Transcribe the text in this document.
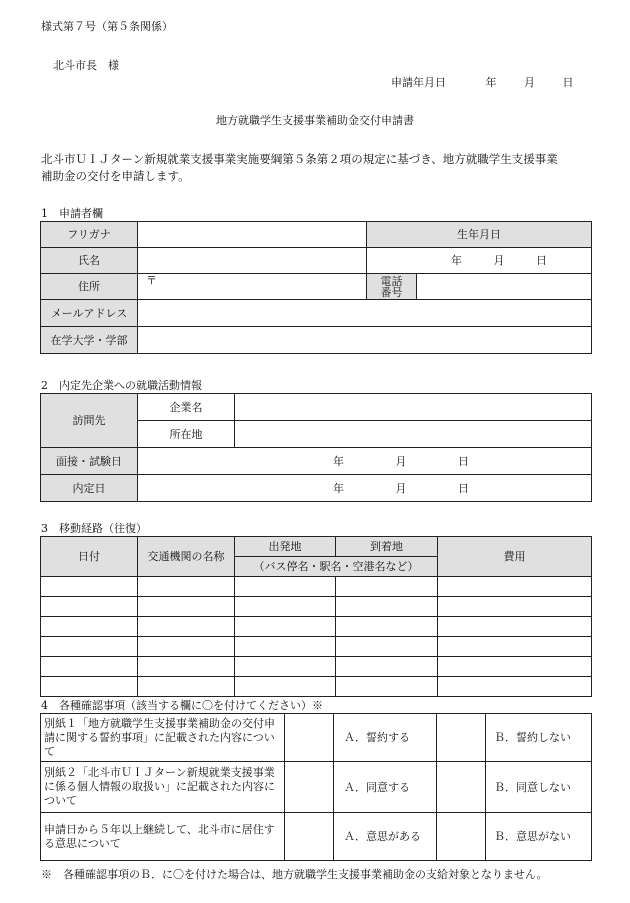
様式第７号（第５条関係）
北斗市長　様
申請年月日	年	月	日
地方就職学生支援事業補助金交付申請書
北斗市ＵＩＪターン新規就業支援事業実施要綱第５条第２項の規定に基づき、地方就職学生支援事業
補助金の交付を申請します。
1　申請者欄
フリガナ		生年月日	
氏名		年 月 日	
住所	〒	電話
番号	

メールアドレス			
在学大学・学部			
2　内定先企業への就職活動情報
訪問先	企業名	
	所在地	
面接・試験日	年 月 日	
内定日	年 月 日	
3　移動経路（往復）
日付	交通機関の名称	出発地	到着地	費用
		（バス停名・駅名・空港名など）		

4　各種確認事項（該当する欄に〇を付けてください）※
別紙１「地方就職学生支援事業補助金の交付申請に関する誓約事項」に記載された内容について		Ａ．誓約する		Ｂ．誓約しない
別紙２「北斗市ＵＩＪターン新規就業支援事業に係る個人情報の取扱い」に記載された内容について		Ａ．同意する		Ｂ．同意しない
申請日から５年以上継続して、北斗市に居住する意思について		Ａ．意思がある		Ｂ．意思がない
※　各種確認事項のＢ．に〇を付けた場合は、地方就職学生支援事業補助金の支給対象となりません。
